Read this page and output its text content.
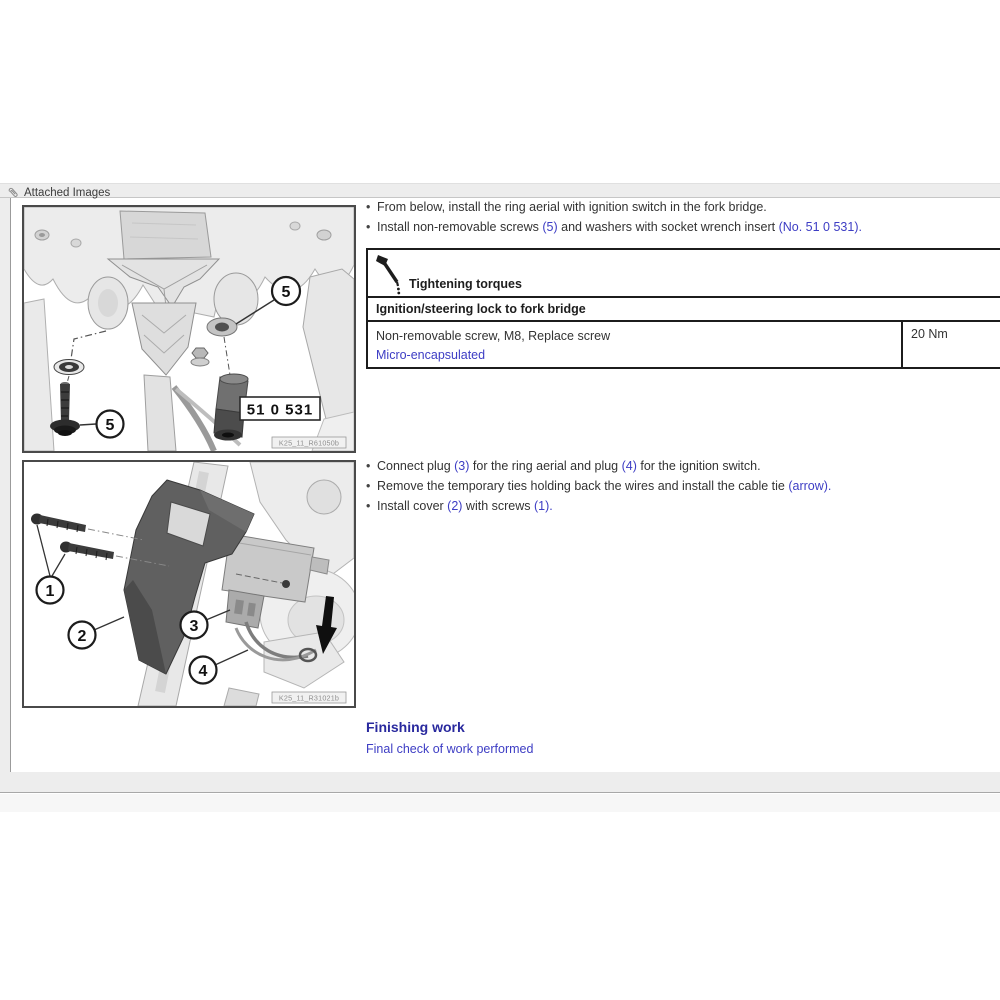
Attached Images
5
51 0 531
5
K25_11_R61050b
1
2
3
4
K25_11_R31021b
• From below, install the ring aerial with ignition switch in the fork bridge.
• Install non-removable screws (5) and washers with socket wrench insert (No. 51 0 531).
Tightening torques
Ignition/steering lock to fork bridge
Non-removable screw, M8, Replace screw
Micro-encapsulated
20 Nm
• Connect plug (3) for the ring aerial and plug (4) for the ignition switch.
• Remove the temporary ties holding back the wires and install the cable tie (arrow).
• Install cover (2) with screws (1).
Finishing work
Final check of work performed
